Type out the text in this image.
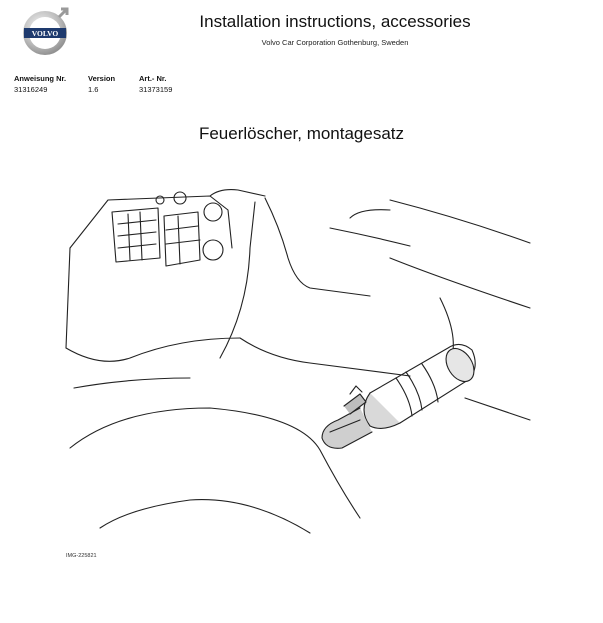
VOLVO
Installation instructions, accessories
Volvo Car Corporation Gothenburg, Sweden
Anweisung Nr.
31316249
Version
1.6
Art.- Nr.
31373159
Feuerlöscher, montagesatz
IMG-225821
